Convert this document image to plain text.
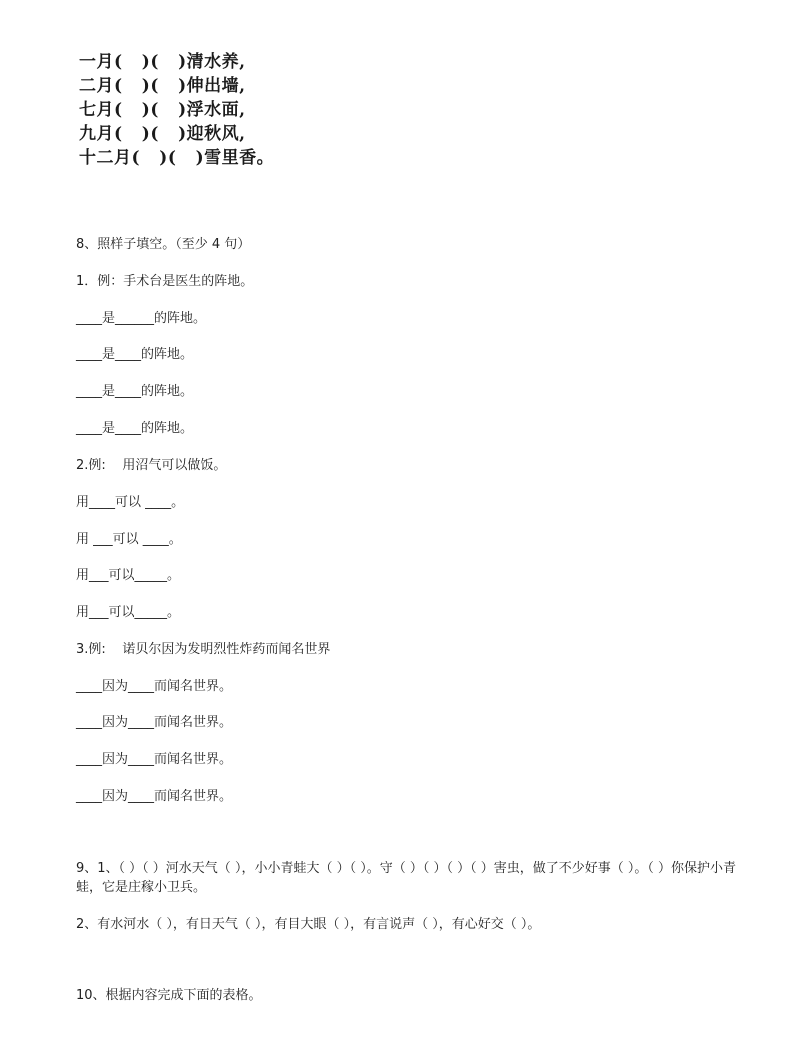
一月(   )(   )清水养,
二月(   )(   )伸出墙,
七月(   )(   )浮水面,
九月(   )(   )迎秋风,
十二月(   )(   )雪里香。
8、照样子填空。（至少 4 句）
1．例：手术台是医生的阵地。
____是______的阵地。
____是____的阵地。
____是____的阵地。
____是____的阵地。
2.例:    用沼气可以做饭。
用____可以 ____。
用 ___可以 ____。
用___可以_____。
用___可以_____。
3.例:    诺贝尔因为发明烈性炸药而闻名世界
____因为____而闻名世界。
____因为____而闻名世界。
____因为____而闻名世界。
____因为____而闻名世界。
9、1、（ ）（ ）河水天气（ ），小小青蛙大（ ）（ ）。守（ ）（ ）（ ）（ ）害虫，做了不少好事（ ）。（ ）你保护小青蛙，它是庄稼小卫兵。
2、有水河水（ ），有日天气（ ），有目大眼（ ），有言说声（ ），有心好交（ ）。
10、根据内容完成下面的表格。
